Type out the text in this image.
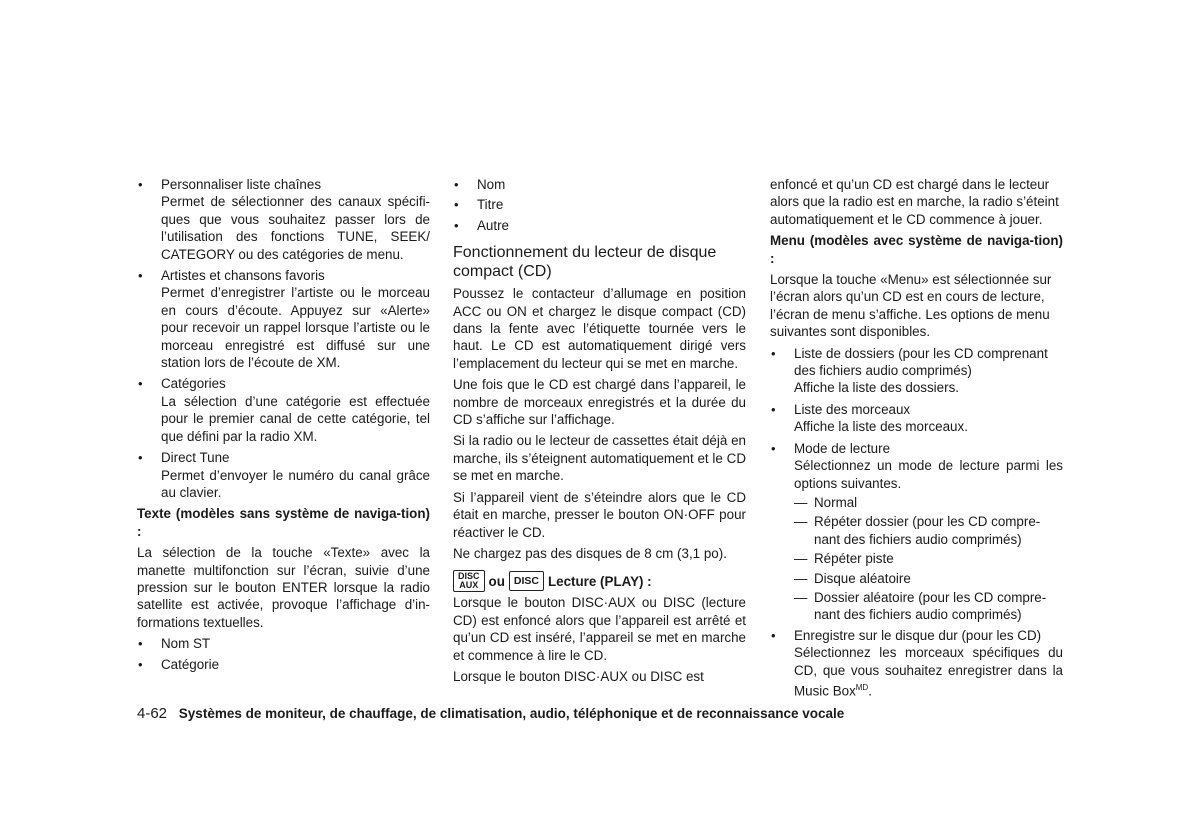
• Personnaliser liste chaînes
Permet de sélectionner des canaux spécifi-ques que vous souhaitez passer lors de l’utilisation des fonctions TUNE, SEEK/ CATEGORY ou des catégories de menu.
• Artistes et chansons favoris
Permet d’enregistrer l’artiste ou le morceau en cours d’écoute. Appuyez sur «Alerte» pour recevoir un rappel lorsque l’artiste ou le morceau enregistré est diffusé sur une station lors de l’écoute de XM.
• Catégories
La sélection d’une catégorie est effectuée pour le premier canal de cette catégorie, tel que défini par la radio XM.
• Direct Tune
Permet d’envoyer le numéro du canal grâce au clavier.

Texte (modèles sans système de naviga-tion) :

La sélection de la touche «Texte» avec la manette multifonction sur l’écran, suivie d’une pression sur le bouton ENTER lorsque la radio satellite est activée, provoque l’affichage d’in-formations textuelles.

• Nom ST
• Catégorie
• Nom
• Titre
• Autre

Fonctionnement du lecteur de disque compact (CD)

Poussez le contacteur d’allumage en position ACC ou ON et chargez le disque compact (CD) dans la fente avec l’étiquette tournée vers le haut. Le CD est automatiquement dirigé vers l’emplacement du lecteur qui se met en marche.

Une fois que le CD est chargé dans l’appareil, le nombre de morceaux enregistrés et la durée du CD s’affiche sur l’affichage.

Si la radio ou le lecteur de cassettes était déjà en marche, ils s’éteignent automatiquement et le CD se met en marche.

Si l’appareil vient de s’éteindre alors que le CD était en marche, presser le bouton ON·OFF pour réactiver le CD.

Ne chargez pas des disques de 8 cm (3,1 po).

DISC
AUX ou DISC Lecture (PLAY) :

Lorsque le bouton DISC·AUX ou DISC (lecture CD) est enfoncé alors que l’appareil est arrêté et qu’un CD est inséré, l’appareil se met en marche et commence à lire le CD.

Lorsque le bouton DISC·AUX ou DISC est

enfoncé et qu’un CD est chargé dans le lecteur alors que la radio est en marche, la radio s’éteint automatiquement et le CD commence à jouer.

Menu (modèles avec système de naviga-tion) :

Lorsque la touche «Menu» est sélectionnée sur l’écran alors qu’un CD est en cours de lecture, l’écran de menu s’affiche. Les options de menu suivantes sont disponibles.

• Liste de dossiers (pour les CD comprenant des fichiers audio comprimés)
Affiche la liste des dossiers.
• Liste des morceaux
Affiche la liste des morceaux.
• Mode de lecture
Sélectionnez un mode de lecture parmi les options suivantes.
— Normal
— Répéter dossier (pour les CD compre-nant des fichiers audio comprimés)
— Répéter piste
— Disque aléatoire
— Dossier aléatoire (pour les CD compre-nant des fichiers audio comprimés)
• Enregistre sur le disque dur (pour les CD)
Sélectionnez les morceaux spécifiques du CD, que vous souhaitez enregistrer dans la Music Box$^{MD}$.
4-62 Systèmes de moniteur, de chauffage, de climatisation, audio, téléphonique et de reconnaissance vocale
